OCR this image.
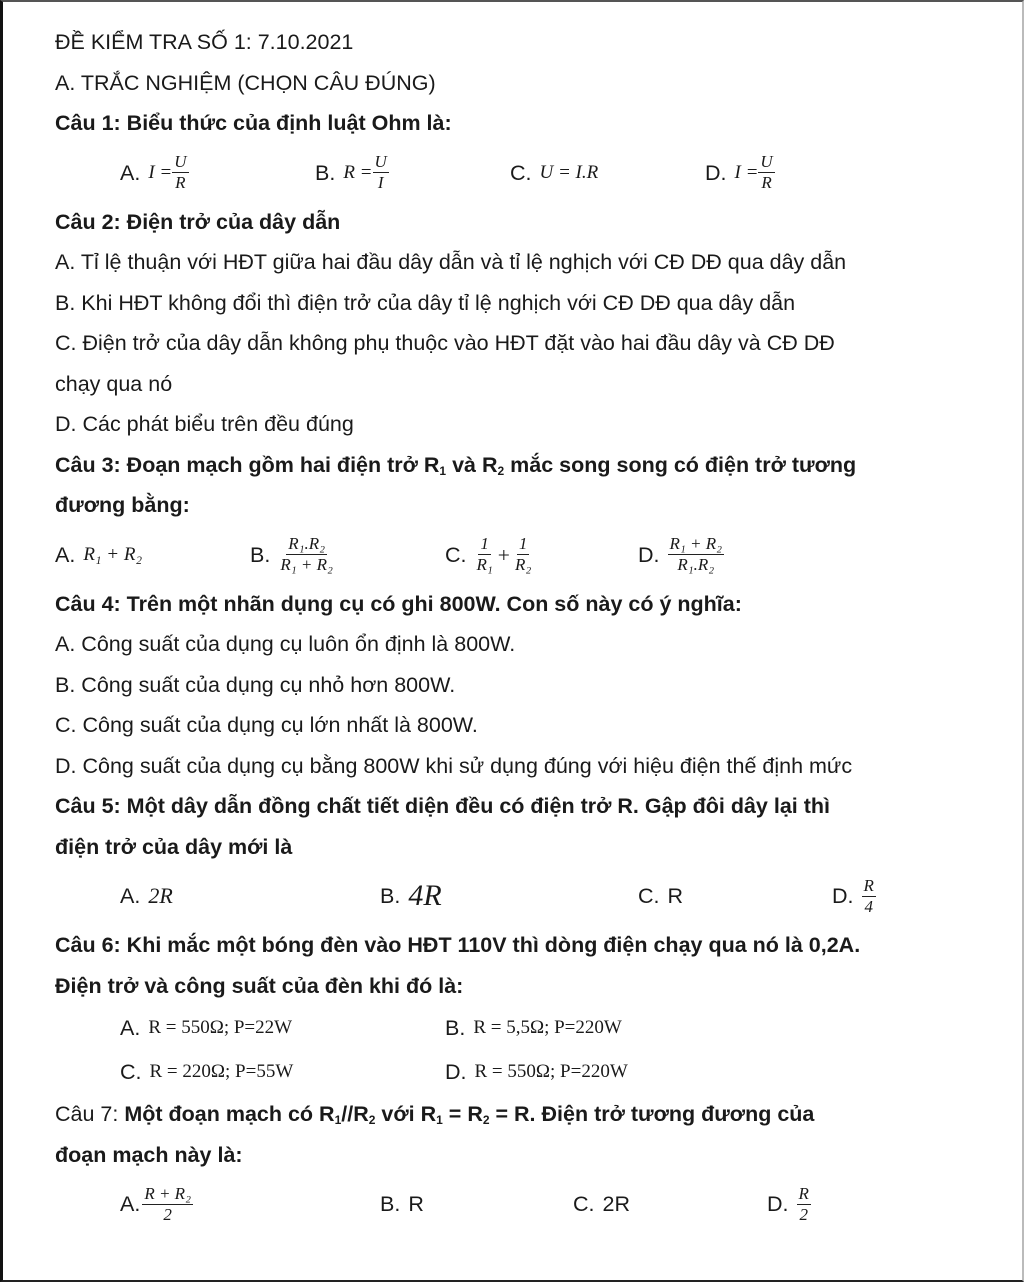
ĐỀ KIỂM TRA SỐ 1: 7.10.2021
A. TRẮC NGHIỆM (CHỌN CÂU ĐÚNG)
Câu 1: Biểu thức của định luật Ohm là:
A. $I = \frac{U}{R}$	B. $R = \frac{U}{I}$	C. U = I.R	D. $I = \frac{U}{R}$
Câu 2: Điện trở của dây dẫn
A. Tỉ lệ thuận với HĐT giữa hai đầu dây dẫn và tỉ lệ nghịch với CĐ DĐ qua dây dẫn
B. Khi HĐT không đổi thì điện trở của dây tỉ lệ nghịch với CĐ DĐ qua dây dẫn
C. Điện trở của dây dẫn không phụ thuộc vào HĐT đặt vào hai đầu dây và CĐ DĐ
chạy qua nó
D. Các phát biểu trên đều đúng
Câu 3: Đoạn mạch gồm hai điện trở $R_1$ và $R_2$ mắc song song có điện trở tương
đương bằng:
A. R₁ + R₂	B. $\frac{\text{R₁.R₂}}{\text{R₁ + R₂}}$	C. $\frac{1}{\text{R₁}} + \frac{1}{\text{R₂}}$	D. $\frac{\text{R₁ + R₂}}{\text{R₁.R₂}}$
Câu 4: Trên một nhãn dụng cụ có ghi 800W. Con số này có ý nghĩa:
A. Công suất của dụng cụ luôn ổn định là 800W.
B. Công suất của dụng cụ nhỏ hơn 800W.
C. Công suất của dụng cụ lớn nhất là 800W.
D. Công suất của dụng cụ bằng 800W khi sử dụng đúng với hiệu điện thế định mức
Câu 5: Một dây dẫn đồng chất tiết diện đều có điện trở R. Gập đôi dây lại thì
điện trở của dây mới là
A. 2R	B. 4R	C. R	D. $\frac{R}{4}$
Câu 6: Khi mắc một bóng đèn vào HĐT 110V thì dòng điện chạy qua nó là 0,2A.
Điện trở và công suất của đèn khi đó là:
A. R = 550Ω; P=22W	B. R = 5,5Ω; P=220W
C. R = 220Ω; P=55W	D. R = 550Ω; P=220W
Câu 7: Một đoạn mạch có $R_1//R_2$ với $R_1 = R_2 = R$. Điện trở tương đương của
đoạn mạch này là:
A. $\frac{\text{R + R₂}}{2}$	B. R	C. 2R	D. $\frac{R}{2}$
